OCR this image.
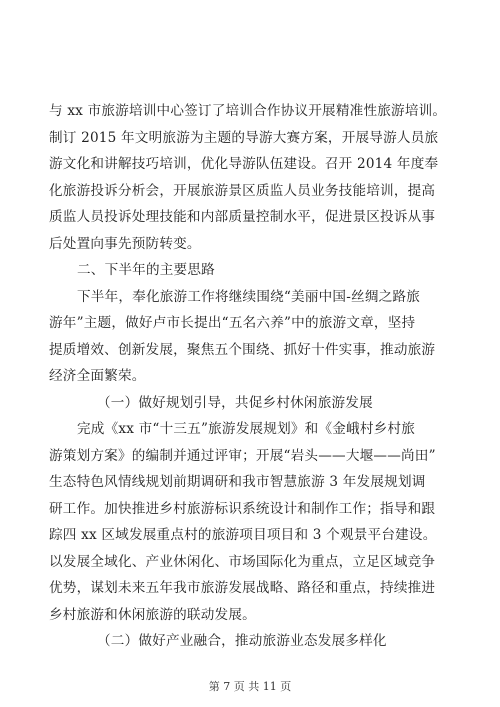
与 xx 市旅游培训中心签订了培训合作协议开展精准性旅游培训。
制订 2015 年文明旅游为主题的导游大赛方案，开展导游人员旅
游文化和讲解技巧培训，优化导游队伍建设。召开 2014 年度奉
化旅游投诉分析会，开展旅游景区质监人员业务技能培训，提高
质监人员投诉处理技能和内部质量控制水平，促进景区投诉从事
后处置向事先预防转变。
二、下半年的主要思路
下半年，奉化旅游工作将继续围绕“美丽中国-丝绸之路旅
游年”主题，做好卢市长提出“五名六养”中的旅游文章，坚持
提质增效、创新发展，聚焦五个围绕、抓好十件实事，推动旅游
经济全面繁荣。
（一）做好规划引导，共促乡村休闲旅游发展
完成《xx 市“十三五”旅游发展规划》和《金峨村乡村旅
游策划方案》的编制并通过评审；开展“岩头——大堰——尚田”
生态特色风情线规划前期调研和我市智慧旅游 3 年发展规划调
研工作。加快推进乡村旅游标识系统设计和制作工作；指导和跟
踪四 xx 区域发展重点村的旅游项目项目和 3 个观景平台建设。
以发展全域化、产业休闲化、市场国际化为重点，立足区域竞争
优势，谋划未来五年我市旅游发展战略、路径和重点，持续推进
乡村旅游和休闲旅游的联动发展。
（二）做好产业融合，推动旅游业态发展多样化
第 7 页 共 11 页
